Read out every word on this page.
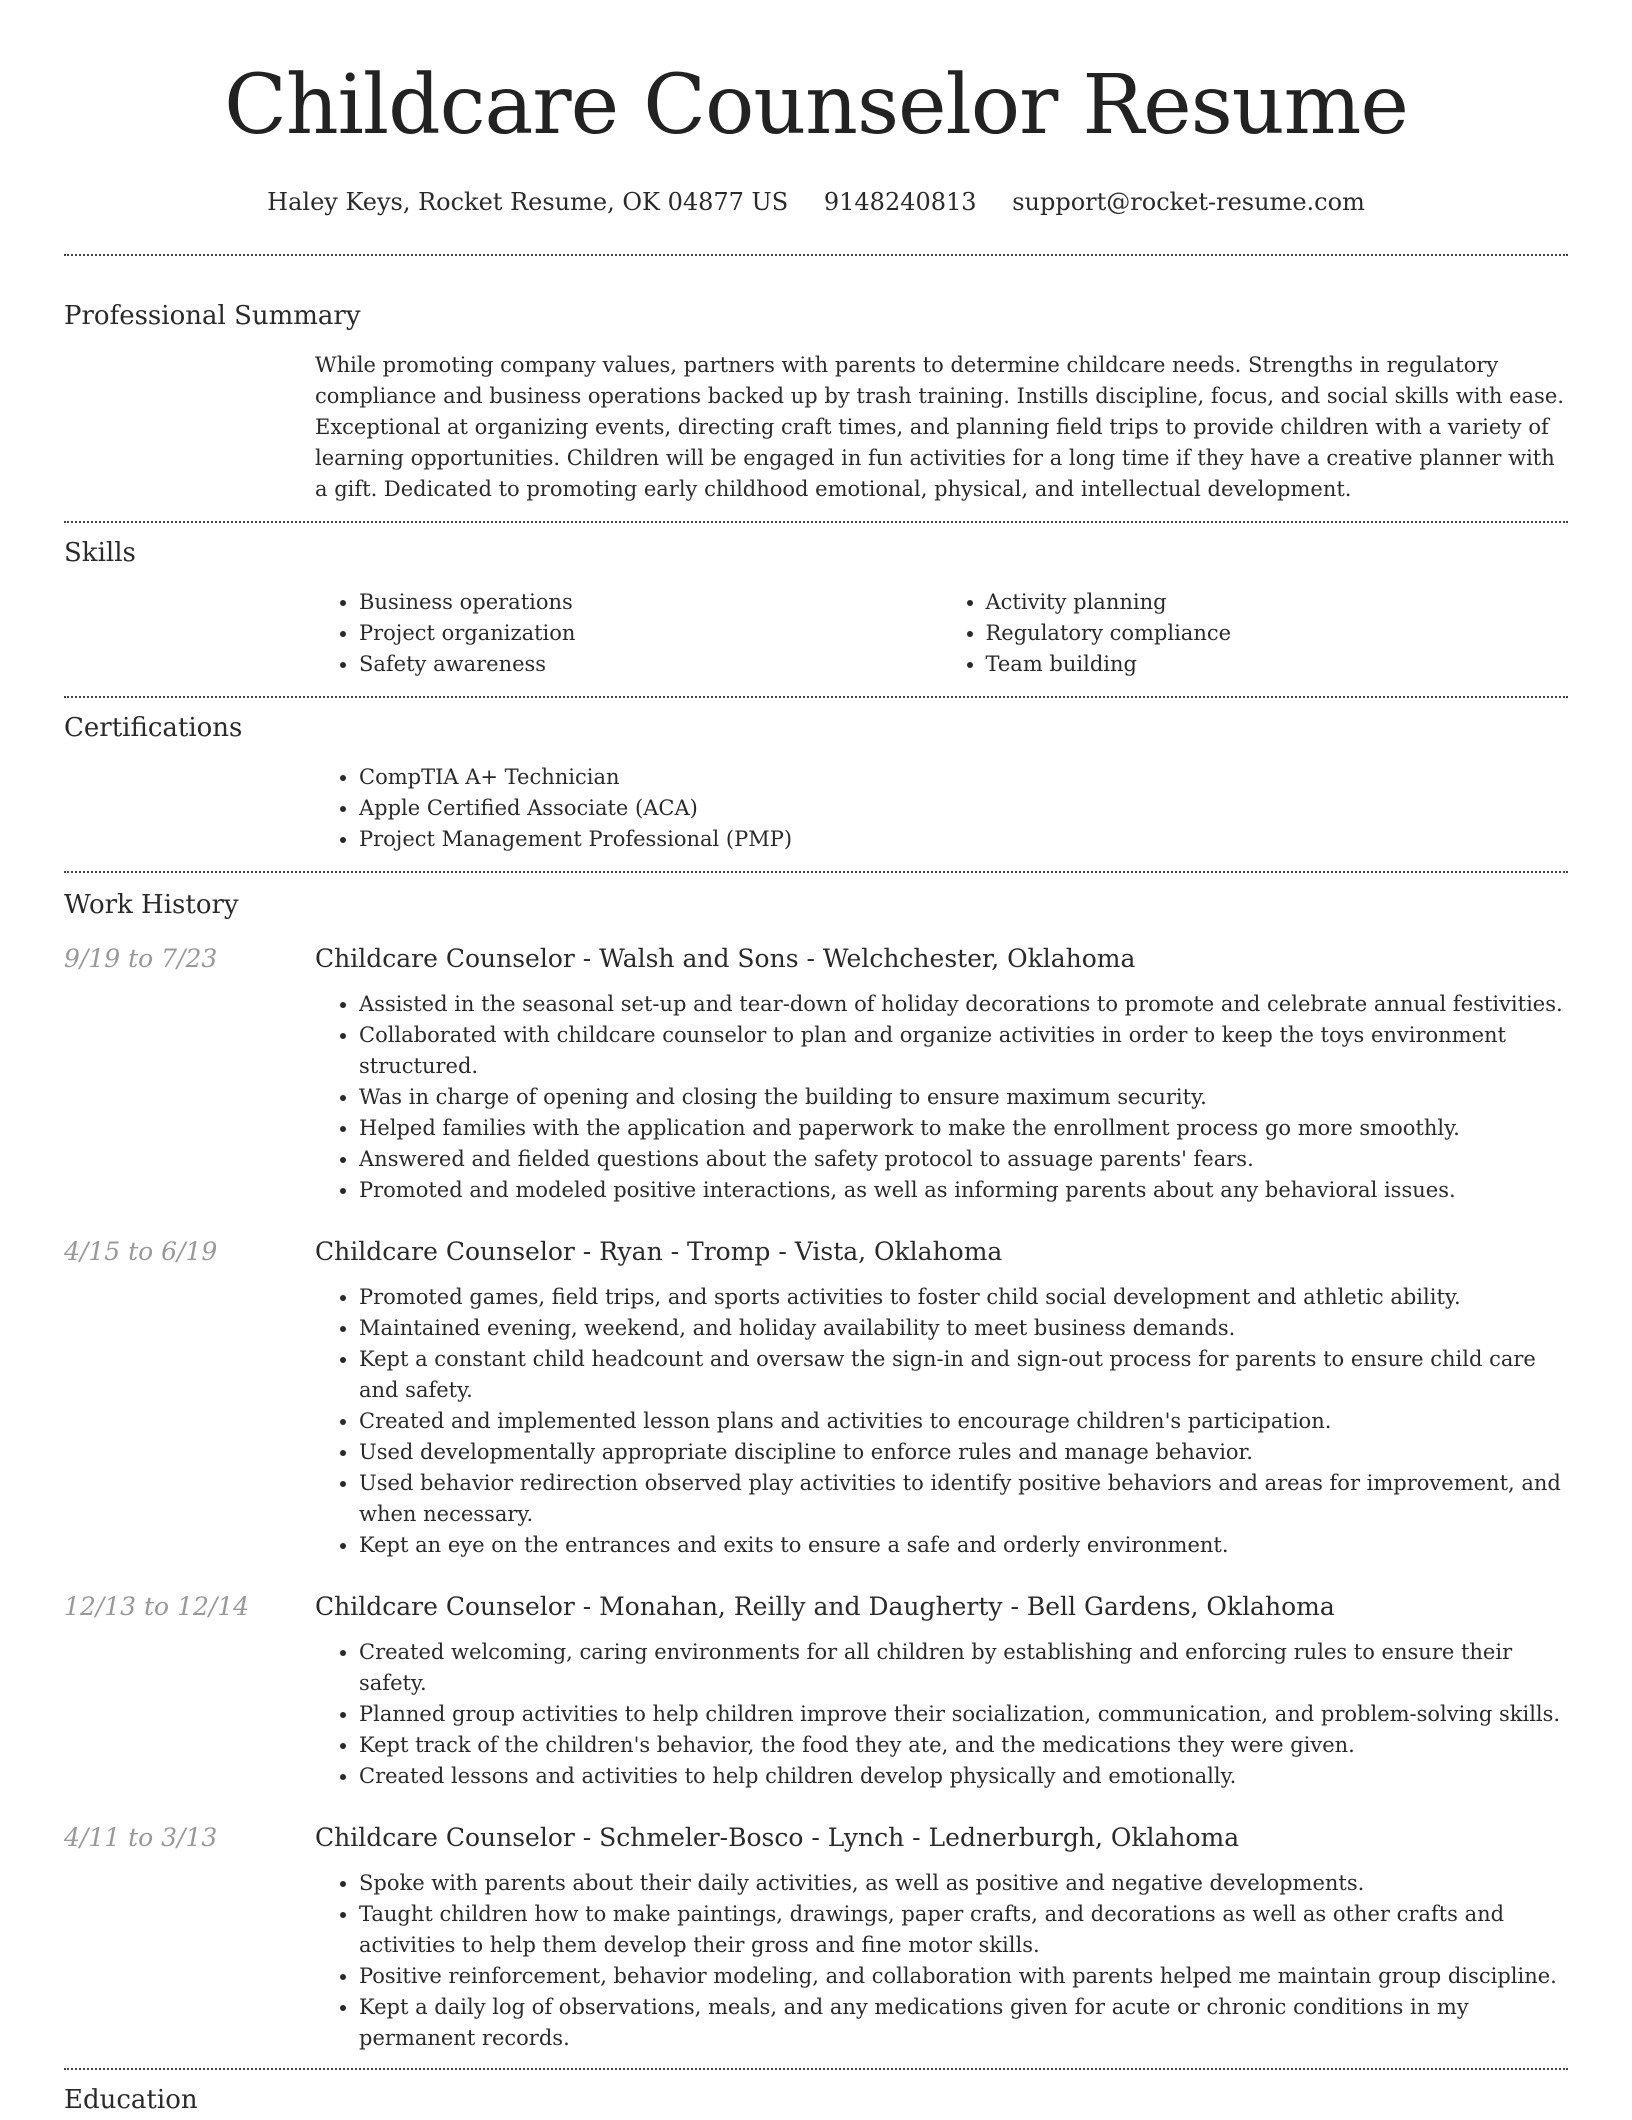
Childcare Counselor Resume
Haley Keys, Rocket Resume, OK 04877 US 9148240813 support@rocket-resume.com
Professional Summary
While promoting company values, partners with parents to determine childcare needs. Strengths in regulatory compliance and business operations backed up by trash training. Instills discipline, focus, and social skills with ease. Exceptional at organizing events, directing craft times, and planning field trips to provide children with a variety of learning opportunities. Children will be engaged in fun activities for a long time if they have a creative planner with a gift. Dedicated to promoting early childhood emotional, physical, and intellectual development.
Skills
• Business operations
• Project organization
• Safety awareness
• Activity planning
• Regulatory compliance
• Team building
Certifications
• CompTIA A+ Technician
• Apple Certified Associate (ACA)
• Project Management Professional (PMP)
Work History
9/19 to 7/23	Childcare Counselor - Walsh and Sons - Welchchester, Oklahoma
• Assisted in the seasonal set-up and tear-down of holiday decorations to promote and celebrate annual festivities.
• Collaborated with childcare counselor to plan and organize activities in order to keep the toys environment structured.
• Was in charge of opening and closing the building to ensure maximum security.
• Helped families with the application and paperwork to make the enrollment process go more smoothly.
• Answered and fielded questions about the safety protocol to assuage parents' fears.
• Promoted and modeled positive interactions, as well as informing parents about any behavioral issues.
4/15 to 6/19	Childcare Counselor - Ryan - Tromp - Vista, Oklahoma
• Promoted games, field trips, and sports activities to foster child social development and athletic ability.
• Maintained evening, weekend, and holiday availability to meet business demands.
• Kept a constant child headcount and oversaw the sign-in and sign-out process for parents to ensure child care and safety.
• Created and implemented lesson plans and activities to encourage children's participation.
• Used developmentally appropriate discipline to enforce rules and manage behavior.
• Used behavior redirection observed play activities to identify positive behaviors and areas for improvement, and when necessary.
• Kept an eye on the entrances and exits to ensure a safe and orderly environment.
12/13 to 12/14	Childcare Counselor - Monahan, Reilly and Daugherty - Bell Gardens, Oklahoma
• Created welcoming, caring environments for all children by establishing and enforcing rules to ensure their safety.
• Planned group activities to help children improve their socialization, communication, and problem-solving skills.
• Kept track of the children's behavior, the food they ate, and the medications they were given.
• Created lessons and activities to help children develop physically and emotionally.
4/11 to 3/13	Childcare Counselor - Schmeler-Bosco - Lynch - Lednerburgh, Oklahoma
• Spoke with parents about their daily activities, as well as positive and negative developments.
• Taught children how to make paintings, drawings, paper crafts, and decorations as well as other crafts and activities to help them develop their gross and fine motor skills.
• Positive reinforcement, behavior modeling, and collaboration with parents helped me maintain group discipline.
• Kept a daily log of observations, meals, and any medications given for acute or chronic conditions in my permanent records.
Education
